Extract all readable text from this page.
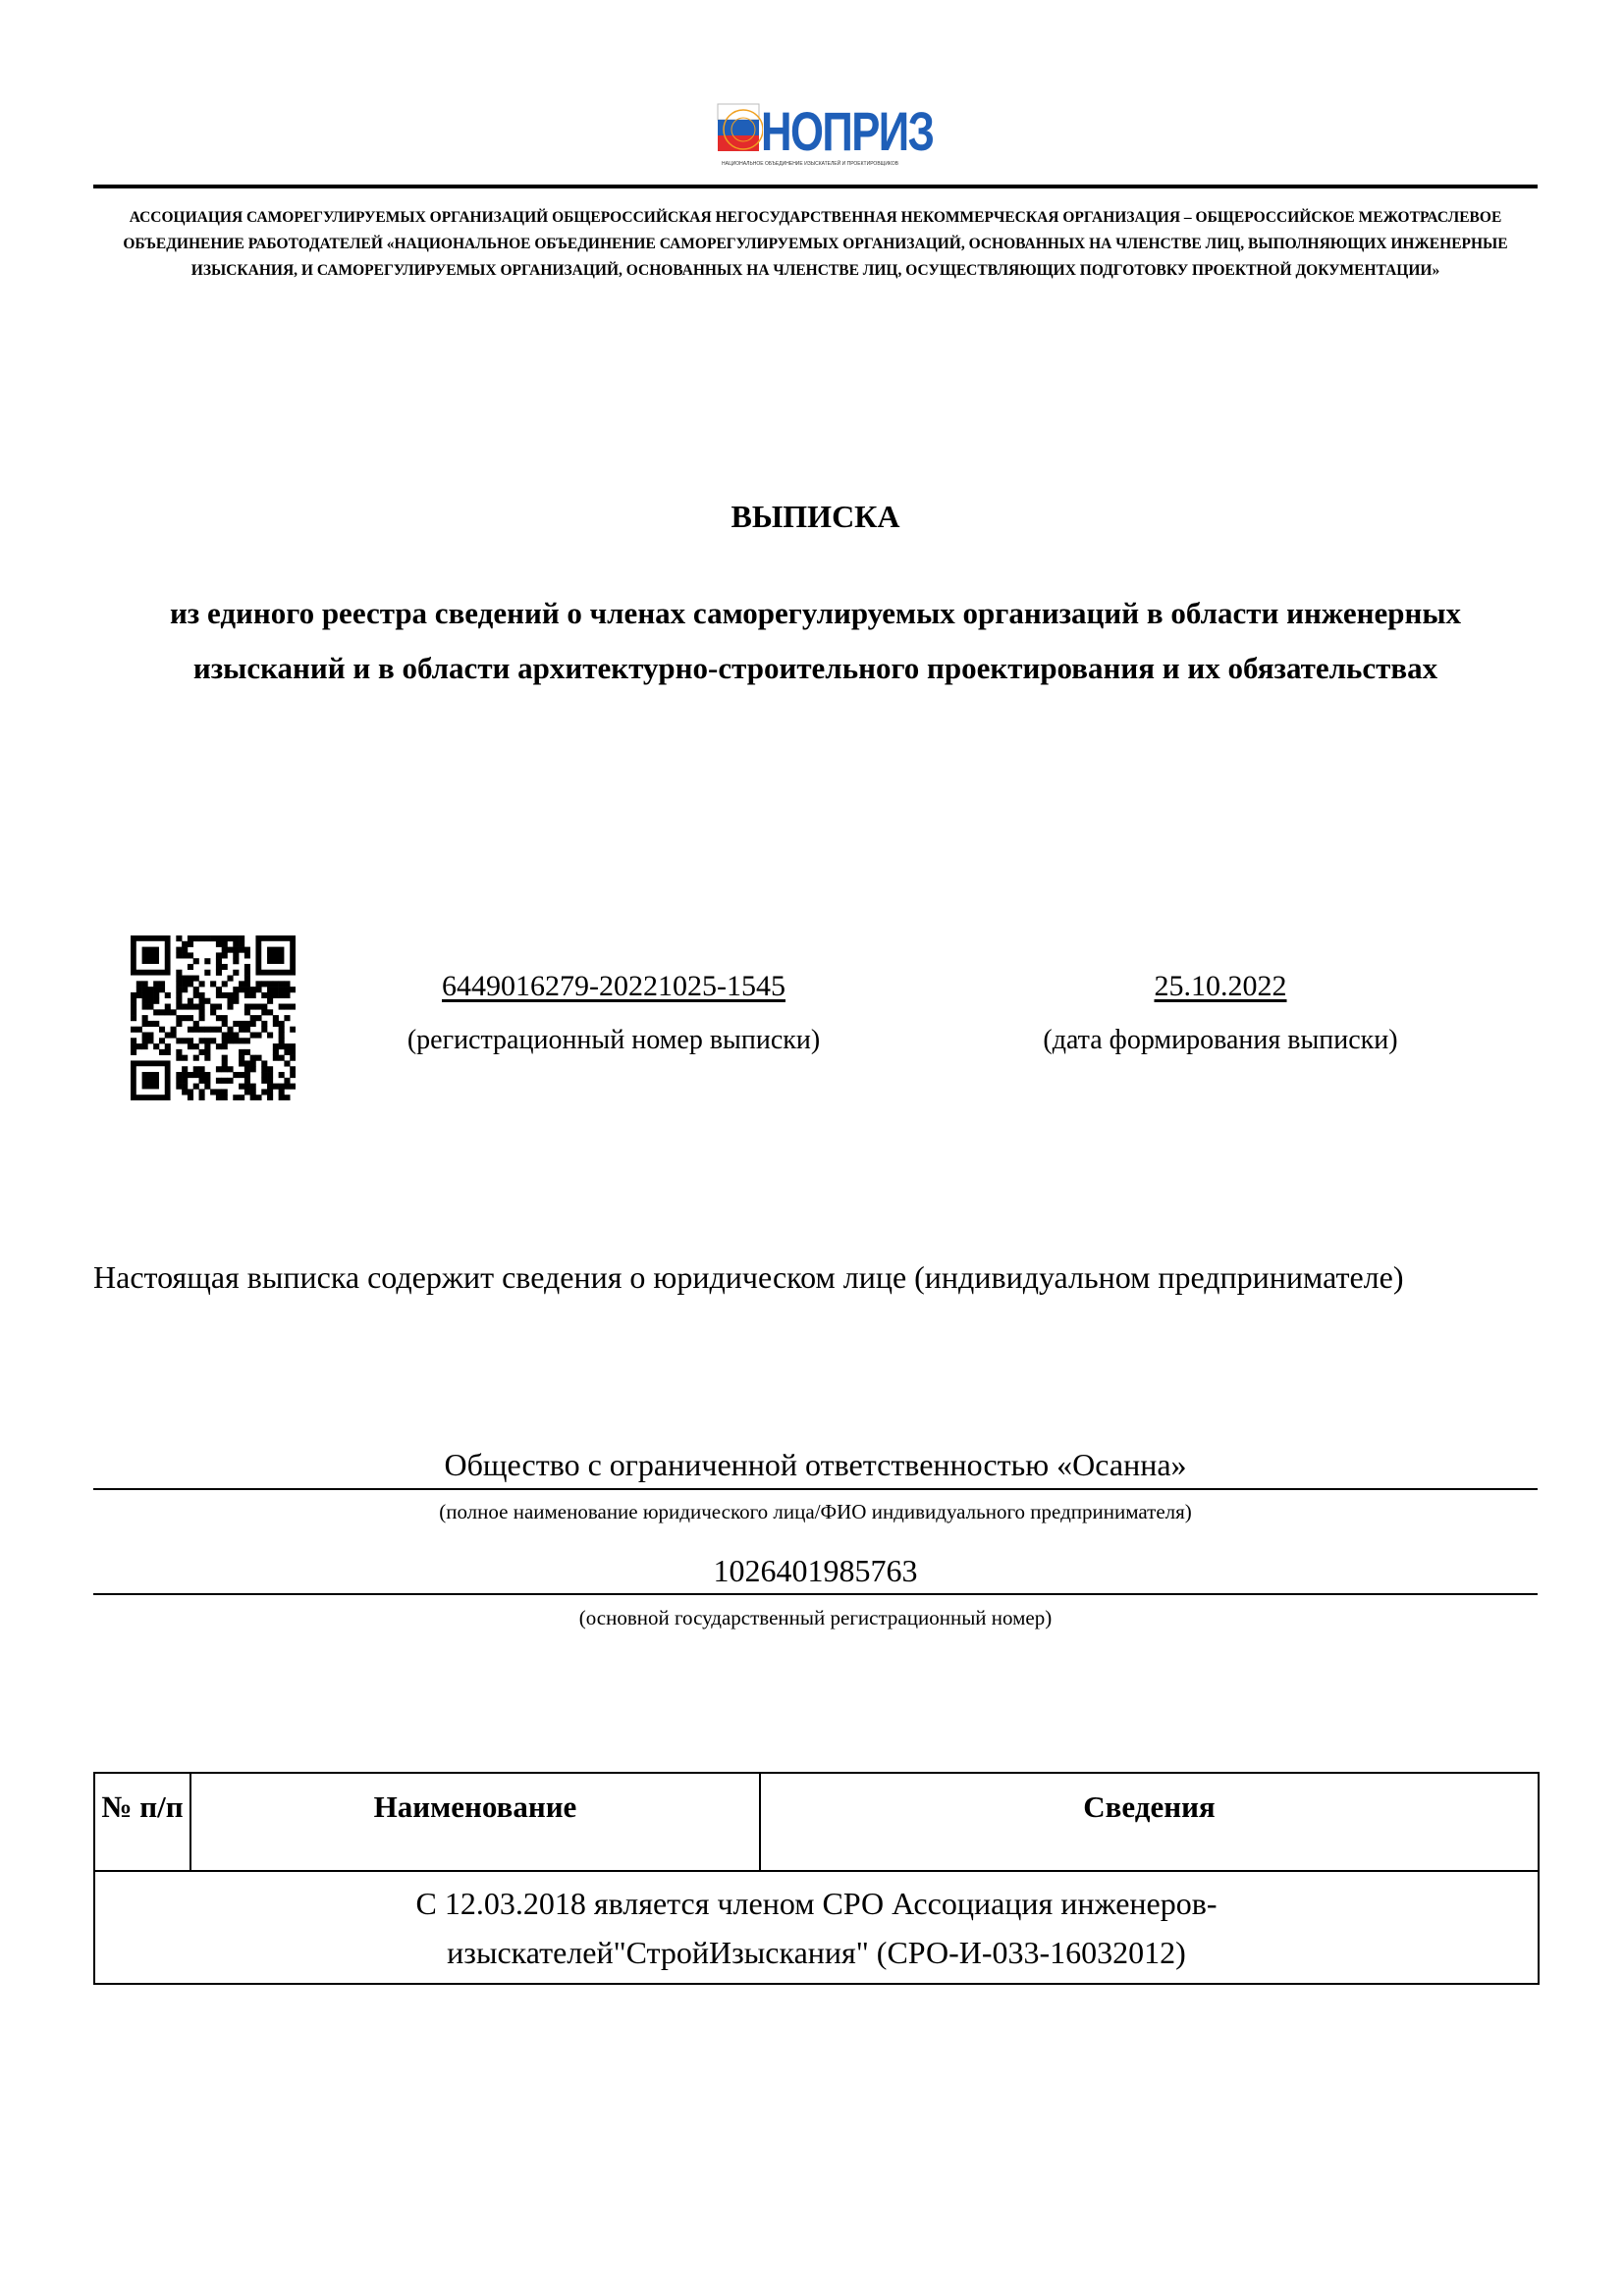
НОПРИЗ
НАЦИОНАЛЬНОЕ ОБЪЕДИНЕНИЕ ИЗЫСКАТЕЛЕЙ И ПРОЕКТИРОВЩИКОВ
АССОЦИАЦИЯ САМОРЕГУЛИРУЕМЫХ ОРГАНИЗАЦИЙ ОБЩЕРОССИЙСКАЯ НЕГОСУДАРСТВЕННАЯ НЕКОММЕРЧЕСКАЯ ОРГАНИЗАЦИЯ – ОБЩЕРОССИЙСКОЕ МЕЖОТРАСЛЕВОЕ ОБЪЕДИНЕНИЕ РАБОТОДАТЕЛЕЙ «НАЦИОНАЛЬНОЕ ОБЪЕДИНЕНИЕ САМОРЕГУЛИРУЕМЫХ ОРГАНИЗАЦИЙ, ОСНОВАННЫХ НА ЧЛЕНСТВЕ ЛИЦ, ВЫПОЛНЯЮЩИХ ИНЖЕНЕРНЫЕ ИЗЫСКАНИЯ, И САМОРЕГУЛИРУЕМЫХ ОРГАНИЗАЦИЙ, ОСНОВАННЫХ НА ЧЛЕНСТВЕ ЛИЦ, ОСУЩЕСТВЛЯЮЩИХ ПОДГОТОВКУ ПРОЕКТНОЙ ДОКУМЕНТАЦИИ»
ВЫПИСКА
из единого реестра сведений о членах саморегулируемых организаций в области инженерных изысканий и в области архитектурно-строительного проектирования и их обязательствах
6449016279-20221025-1545
(регистрационный номер выписки)
25.10.2022
(дата формирования выписки)
Настоящая выписка содержит сведения о юридическом лице (индивидуальном предпринимателе)
Общество с ограниченной ответственностью «Осанна»
(полное наименование юридического лица/ФИО индивидуального предпринимателя)
1026401985763
(основной государственный регистрационный номер)
№ п/п	Наименование	Сведения
С 12.03.2018 является членом СРО Ассоциация инженеров-изыскателей"СтройИзыскания" (СРО-И-033-16032012)
